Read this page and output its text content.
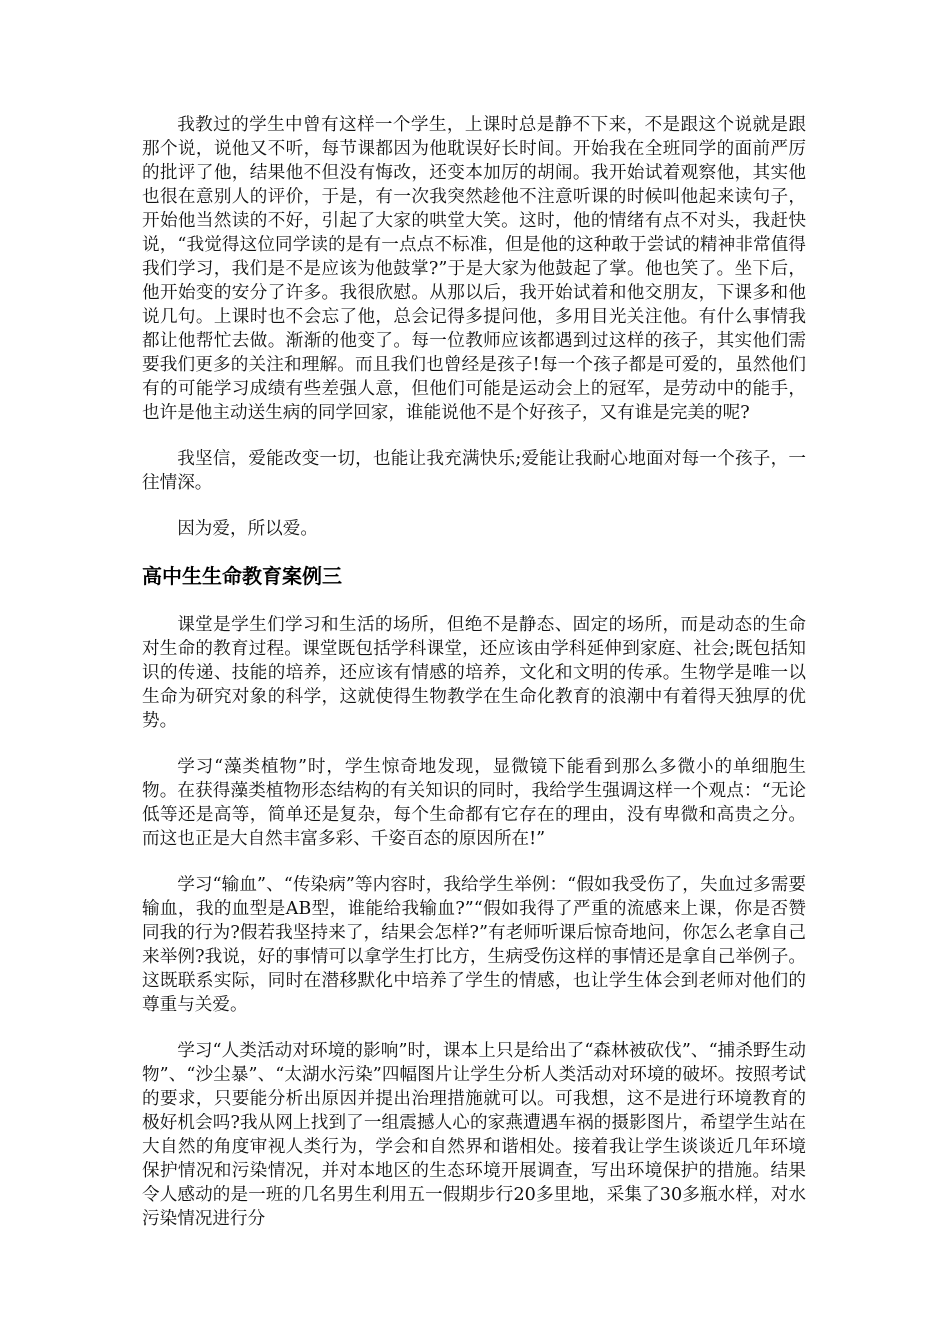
我教过的学生中曾有这样一个学生，上课时总是静不下来，不是跟这个说就是跟那个说，说他又不听，每节课都因为他耽误好长时间。开始我在全班同学的面前严厉的批评了他，结果他不但没有悔改，还变本加厉的胡闹。我开始试着观察他，其实他也很在意别人的评价，于是，有一次我突然趁他不注意听课的时候叫他起来读句子，开始他当然读的不好，引起了大家的哄堂大笑。这时，他的情绪有点不对头，我赶快说，“我觉得这位同学读的是有一点点不标准，但是他的这种敢于尝试的精神非常值得我们学习，我们是不是应该为他鼓掌?”于是大家为他鼓起了掌。他也笑了。坐下后，他开始变的安分了许多。我很欣慰。从那以后，我开始试着和他交朋友，下课多和他说几句。上课时也不会忘了他，总会记得多提问他，多用目光关注他。有什么事情我都让他帮忙去做。渐渐的他变了。每一位教师应该都遇到过这样的孩子，其实他们需要我们更多的关注和理解。而且我们也曾经是孩子!每一个孩子都是可爱的，虽然他们有的可能学习成绩有些差强人意，但他们可能是运动会上的冠军，是劳动中的能手，也许是他主动送生病的同学回家，谁能说他不是个好孩子，又有谁是完美的呢?

我坚信，爱能改变一切，也能让我充满快乐;爱能让我耐心地面对每一个孩子，一往情深。

因为爱，所以爱。

高中生生命教育案例三

课堂是学生们学习和生活的场所，但绝不是静态、固定的场所，而是动态的生命对生命的教育过程。课堂既包括学科课堂，还应该由学科延伸到家庭、社会;既包括知识的传递、技能的培养，还应该有情感的培养，文化和文明的传承。生物学是唯一以生命为研究对象的科学，这就使得生物教学在生命化教育的浪潮中有着得天独厚的优势。

学习“藻类植物”时，学生惊奇地发现，显微镜下能看到那么多微小的单细胞生物。在获得藻类植物形态结构的有关知识的同时，我给学生强调这样一个观点：“无论低等还是高等，简单还是复杂，每个生命都有它存在的理由，没有卑微和高贵之分。而这也正是大自然丰富多彩、千姿百态的原因所在!”

学习“输血”、“传染病”等内容时，我给学生举例：“假如我受伤了，失血过多需要输血，我的血型是AB型，谁能给我输血?”“假如我得了严重的流感来上课，你是否赞同我的行为?假若我坚持来了，结果会怎样?”有老师听课后惊奇地问，你怎么老拿自己来举例?我说，好的事情可以拿学生打比方，生病受伤这样的事情还是拿自己举例子。这既联系实际，同时在潜移默化中培养了学生的情感，也让学生体会到老师对他们的尊重与关爱。

学习“人类活动对环境的影响”时，课本上只是给出了“森林被砍伐”、“捕杀野生动物”、“沙尘暴”、“太湖水污染”四幅图片让学生分析人类活动对环境的破坏。按照考试的要求，只要能分析出原因并提出治理措施就可以。可我想，这不是进行环境教育的极好机会吗?我从网上找到了一组震撼人心的家燕遭遇车祸的摄影图片，希望学生站在大自然的角度审视人类行为，学会和自然界和谐相处。接着我让学生谈谈近几年环境保护情况和污染情况，并对本地区的生态环境开展调查，写出环境保护的措施。结果令人感动的是一班的几名男生利用五一假期步行20多里地，采集了30多瓶水样，对水污染情况进行分
